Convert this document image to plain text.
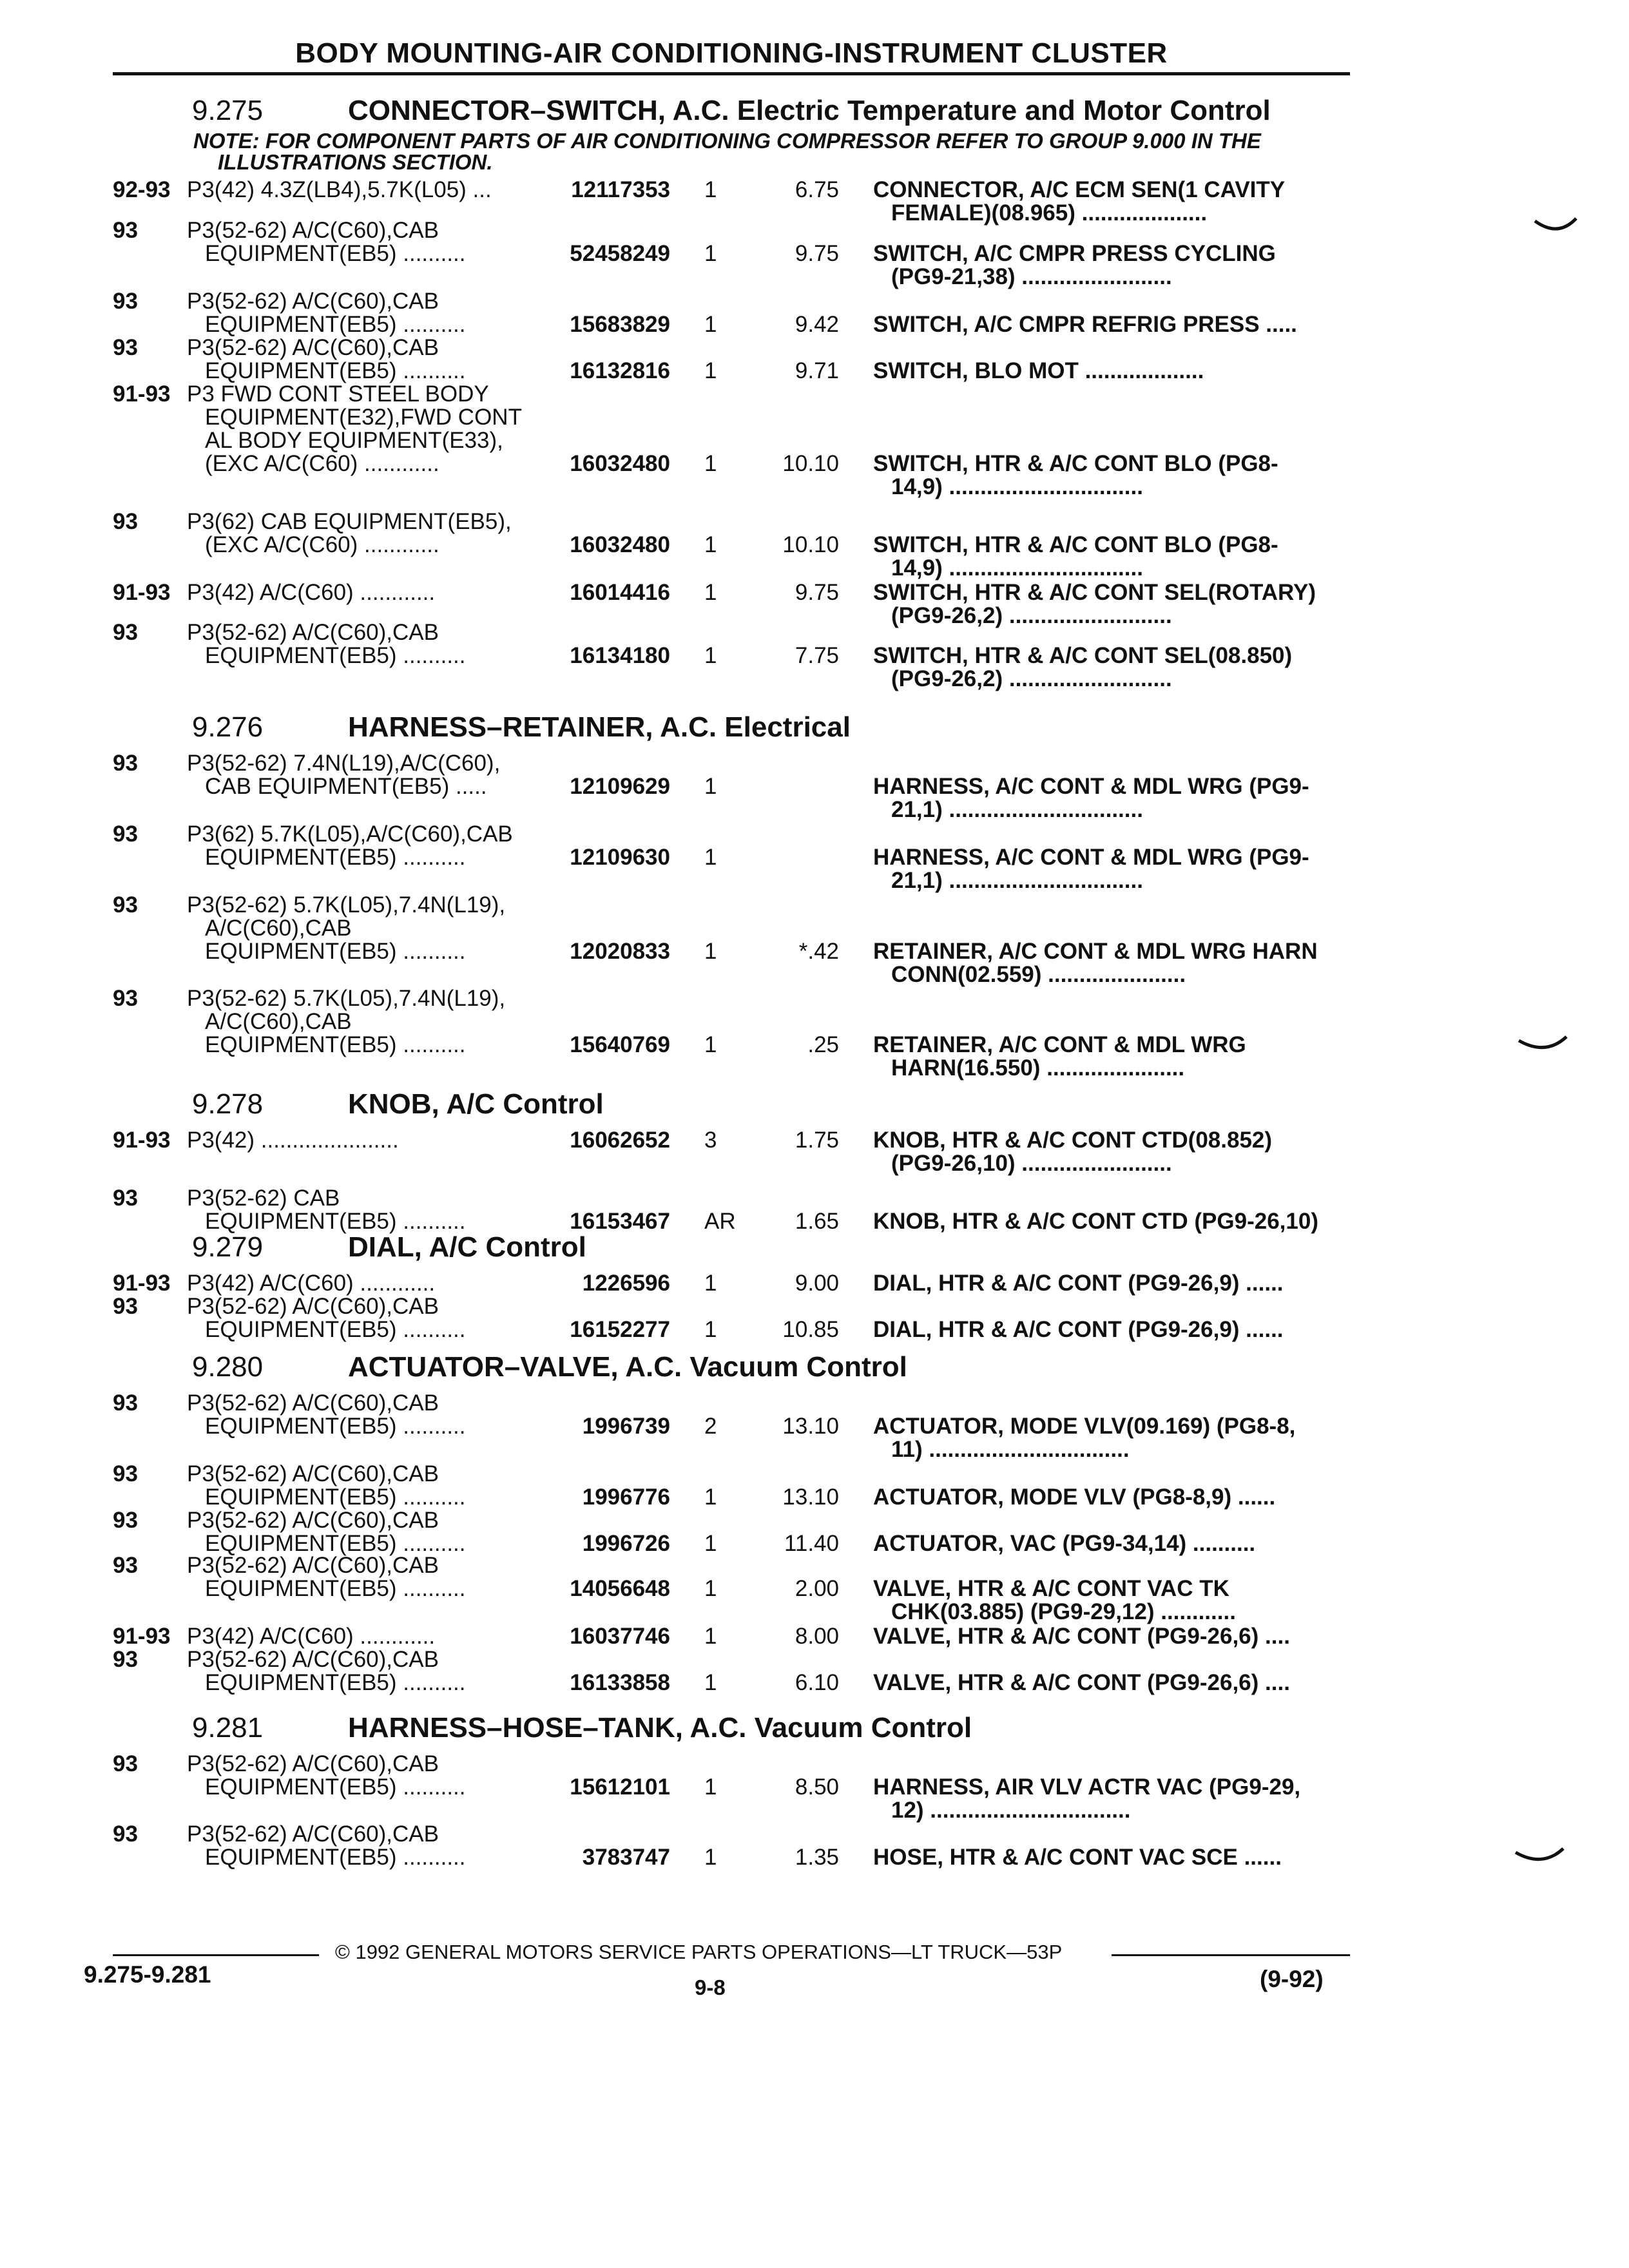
BODY MOUNTING-AIR CONDITIONING-INSTRUMENT CLUSTER
9.275	CONNECTOR–SWITCH, A.C. Electric Temperature and Motor Control
NOTE: FOR COMPONENT PARTS OF AIR CONDITIONING COMPRESSOR REFER TO GROUP 9.000 IN THE
ILLUSTRATIONS SECTION.
92-93 P3(42) 4.3Z(LB4),5.7K(L05) ...	12117353 1	6.75 CONNECTOR, A/C ECM SEN(1 CAVITY
FEMALE)(08.965) ....................
93 P3(52-62) A/C(C60),CAB
EQUIPMENT(EB5) ..........	52458249 1	9.75 SWITCH, A/C CMPR PRESS CYCLING
(PG9-21,38) ........................
93 P3(52-62) A/C(C60),CAB
EQUIPMENT(EB5) ..........	15683829 1	9.42 SWITCH, A/C CMPR REFRIG PRESS .....
93 P3(52-62) A/C(C60),CAB
EQUIPMENT(EB5) ..........	16132816 1	9.71 SWITCH, BLO MOT ...................
91-93 P3 FWD CONT STEEL BODY
EQUIPMENT(E32),FWD CONT
AL BODY EQUIPMENT(E33),
(EXC A/C(C60) ............	16032480 1	10.10 SWITCH, HTR & A/C CONT BLO (PG8-
14,9) ...............................
93 P3(62) CAB EQUIPMENT(EB5),
(EXC A/C(C60) ............	16032480 1	10.10 SWITCH, HTR & A/C CONT BLO (PG8-
14,9) ...............................
91-93 P3(42) A/C(C60) ............	16014416 1	9.75 SWITCH, HTR & A/C CONT SEL(ROTARY)
(PG9-26,2) ..........................
93 P3(52-62) A/C(C60),CAB
EQUIPMENT(EB5) ..........	16134180 1	7.75 SWITCH, HTR & A/C CONT SEL(08.850)
(PG9-26,2) ..........................
9.276	HARNESS–RETAINER, A.C. Electrical
93 P3(52-62) 7.4N(L19),A/C(C60),
CAB EQUIPMENT(EB5) .....	12109629 1	HARNESS, A/C CONT & MDL WRG (PG9-
21,1) ...............................
93 P3(62) 5.7K(L05),A/C(C60),CAB
EQUIPMENT(EB5) ..........	12109630 1	HARNESS, A/C CONT & MDL WRG (PG9-
21,1) ...............................
93 P3(52-62) 5.7K(L05),7.4N(L19),
A/C(C60),CAB
EQUIPMENT(EB5) ..........	12020833 1	*.42 RETAINER, A/C CONT & MDL WRG HARN
CONN(02.559) ......................
93 P3(52-62) 5.7K(L05),7.4N(L19),
A/C(C60),CAB
EQUIPMENT(EB5) ..........	15640769 1	.25 RETAINER, A/C CONT & MDL WRG
HARN(16.550) ......................
9.278	KNOB, A/C Control
91-93 P3(42) ......................	16062652 3	1.75 KNOB, HTR & A/C CONT CTD(08.852)
(PG9-26,10) ........................
93 P3(52-62) CAB
EQUIPMENT(EB5) ..........	16153467 AR	1.65 KNOB, HTR & A/C CONT CTD (PG9-26,10)
9.279	DIAL, A/C Control
91-93 P3(42) A/C(C60) ............	1226596 1	9.00 DIAL, HTR & A/C CONT (PG9-26,9) ......
93 P3(52-62) A/C(C60),CAB
EQUIPMENT(EB5) ..........	16152277 1	10.85 DIAL, HTR & A/C CONT (PG9-26,9) ......
9.280	ACTUATOR–VALVE, A.C. Vacuum Control
93 P3(52-62) A/C(C60),CAB
EQUIPMENT(EB5) ..........	1996739 2	13.10 ACTUATOR, MODE VLV(09.169) (PG8-8,
11) ................................
93 P3(52-62) A/C(C60),CAB
EQUIPMENT(EB5) ..........	1996776 1	13.10 ACTUATOR, MODE VLV (PG8-8,9) ......
93 P3(52-62) A/C(C60),CAB
EQUIPMENT(EB5) ..........	1996726 1	11.40 ACTUATOR, VAC (PG9-34,14) ..........
93 P3(52-62) A/C(C60),CAB
EQUIPMENT(EB5) ..........	14056648 1	2.00 VALVE, HTR & A/C CONT VAC TK
CHK(03.885) (PG9-29,12) ............
91-93 P3(42) A/C(C60) ............	16037746 1	8.00 VALVE, HTR & A/C CONT (PG9-26,6) ....
93 P3(52-62) A/C(C60),CAB
EQUIPMENT(EB5) ..........	16133858 1	6.10 VALVE, HTR & A/C CONT (PG9-26,6) ....
9.281	HARNESS–HOSE–TANK, A.C. Vacuum Control
93 P3(52-62) A/C(C60),CAB
EQUIPMENT(EB5) ..........	15612101 1	8.50 HARNESS, AIR VLV ACTR VAC (PG9-29,
12) ................................
93 P3(52-62) A/C(C60),CAB
EQUIPMENT(EB5) ..........	3783747 1	1.35 HOSE, HTR & A/C CONT VAC SCE ......
© 1992 GENERAL MOTORS SERVICE PARTS OPERATIONS—LT TRUCK—53P
9.275-9.281	9-8	(9-92)
